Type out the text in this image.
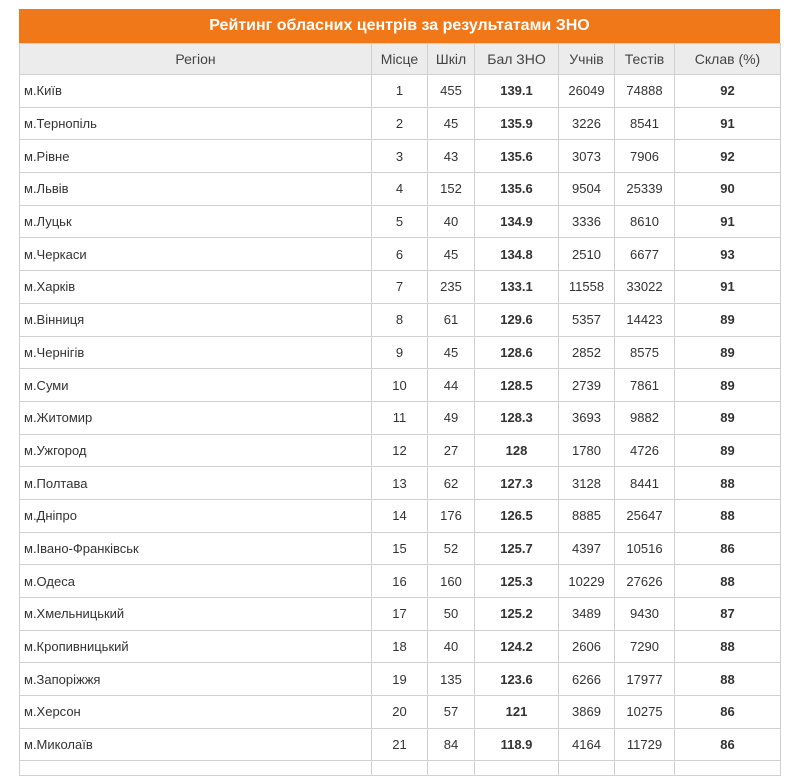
Рейтинг обласних центрів за результатами ЗНО
Регіон	Місце	Шкіл	Бал ЗНО	Учнів	Тестів	Склав (%)
м.Київ	1	455	139.1	26049	74888	92
м.Тернопіль	2	45	135.9	3226	8541	91
м.Рівне	3	43	135.6	3073	7906	92
м.Львів	4	152	135.6	9504	25339	90
м.Луцьк	5	40	134.9	3336	8610	91
м.Черкаси	6	45	134.8	2510	6677	93
м.Харків	7	235	133.1	11558	33022	91
м.Вінниця	8	61	129.6	5357	14423	89
м.Чернігів	9	45	128.6	2852	8575	89
м.Суми	10	44	128.5	2739	7861	89
м.Житомир	11	49	128.3	3693	9882	89
м.Ужгород	12	27	128	1780	4726	89
м.Полтава	13	62	127.3	3128	8441	88
м.Дніпро	14	176	126.5	8885	25647	88
м.Івано-Франківськ	15	52	125.7	4397	10516	86
м.Одеса	16	160	125.3	10229	27626	88
м.Хмельницький	17	50	125.2	3489	9430	87
м.Кропивницький	18	40	124.2	2606	7290	88
м.Запоріжжя	19	135	123.6	6266	17977	88
м.Херсон	20	57	121	3869	10275	86
м.Миколаїв	21	84	118.9	4164	11729	86
